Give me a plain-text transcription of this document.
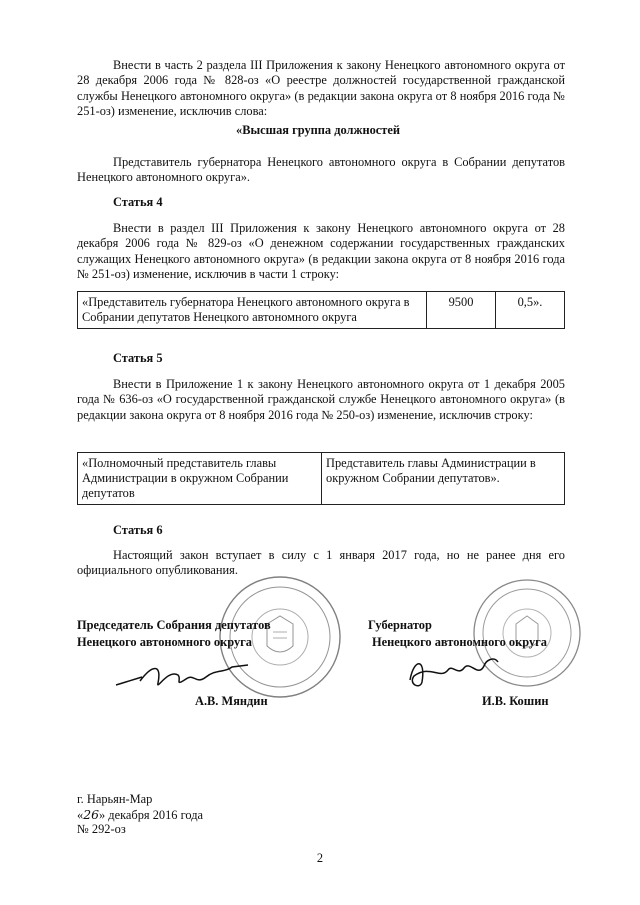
Внести в часть 2 раздела III Приложения к закону Ненецкого автономного округа от 28 декабря 2006 года № 828-оз «О реестре должностей государственной гражданской службы Ненецкого автономного округа» (в редакции закона округа от 8 ноября 2016 года № 251-оз) изменение, исключив слова:
«Высшая группа должностей
Представитель губернатора Ненецкого автономного округа в Собрании депутатов Ненецкого автономного округа».
Статья 4
Внести в раздел III Приложения к закону Ненецкого автономного округа от 28 декабря 2006 года № 829-оз «О денежном содержании государственных гражданских служащих Ненецкого автономного округа» (в редакции закона округа от 8 ноября 2016 года № 251-оз) изменение, исключив в части 1 строку:
«Представитель губернатора Ненецкого автономного округа в Собрании депутатов Ненецкого автономного округа	9500	0,5».
Статья 5
Внести в Приложение 1 к закону Ненецкого автономного округа от 1 декабря 2005 года № 636-оз «О государственной гражданской службе Ненецкого автономного округа» (в редакции закона округа от 8 ноября 2016 года № 250-оз) изменение, исключив строку:
«Полномочный представитель главы Администрации в окружном Собрании депутатов	Представитель главы Администрации в окружном Собрании депутатов».
Статья 6
Настоящий закон вступает в силу с 1 января 2017 года, но не ранее дня его официального опубликования.
Председатель Собрания депутатов
Ненецкого автономного округа
Губернатор
Ненецкого автономного округа
А.В. Мяндин	И.В. Кошин
г. Нарьян-Мар
«26» декабря 2016 года
№ 292-оз
2
